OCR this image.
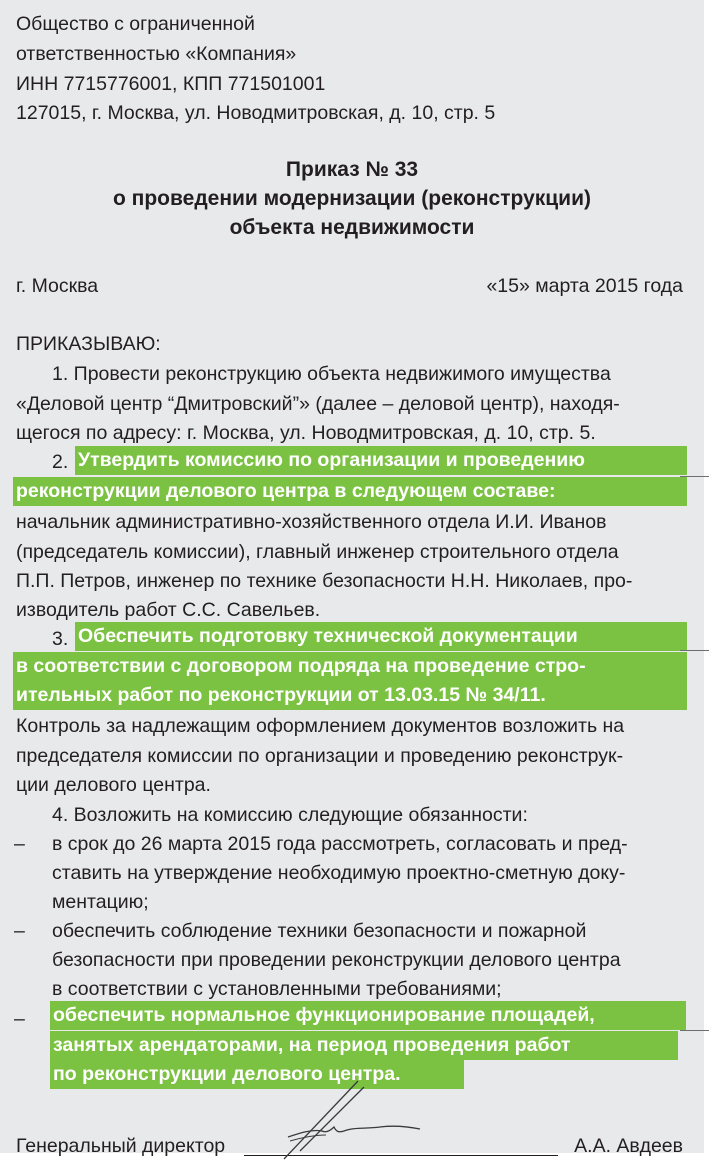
Общество с ограниченной
ответственностью «Компания»
ИНН 7715776001, КПП 771501001
127015, г. Москва, ул. Новодмитровская, д. 10, стр. 5
Приказ № 33
о проведении модернизации (реконструкции)
объекта недвижимости
г. Москва	«15» марта 2015 года
ПРИКАЗЫВАЮ:
1. Провести реконструкцию объекта недвижимого имущества
«Деловой центр “Дмитровский”» (далее – деловой центр), находя-
щегося по адресу: г. Москва, ул. Новодмитровская, д. 10, стр. 5.
2. Утвердить комиссию по организации и проведению
реконструкции делового центра в следующем составе:
начальник административно-хозяйственного отдела И.И. Иванов
(председатель комиссии), главный инженер строительного отдела
П.П. Петров, инженер по технике безопасности Н.Н. Николаев, про-
изводитель работ С.С. Савельев.
3. Обеспечить подготовку технической документации
в соответствии с договором подряда на проведение стро-
ительных работ по реконструкции от 13.03.15 № 34/11.
Контроль за надлежащим оформлением документов возложить на
председателя комиссии по организации и проведению реконструк-
ции делового центра.
4. Возложить на комиссию следующие обязанности:
– в срок до 26 марта 2015 года рассмотреть, согласовать и пред-
ставить на утверждение необходимую проектно-сметную доку-
ментацию;
– обеспечить соблюдение техники безопасности и пожарной
безопасности при проведении реконструкции делового центра
в соответствии с установленными требованиями;
– обеспечить нормальное функционирование площадей,
занятых арендаторами, на период проведения работ
по реконструкции делового центра.
Генеральный директор	А.А. Авдеев
